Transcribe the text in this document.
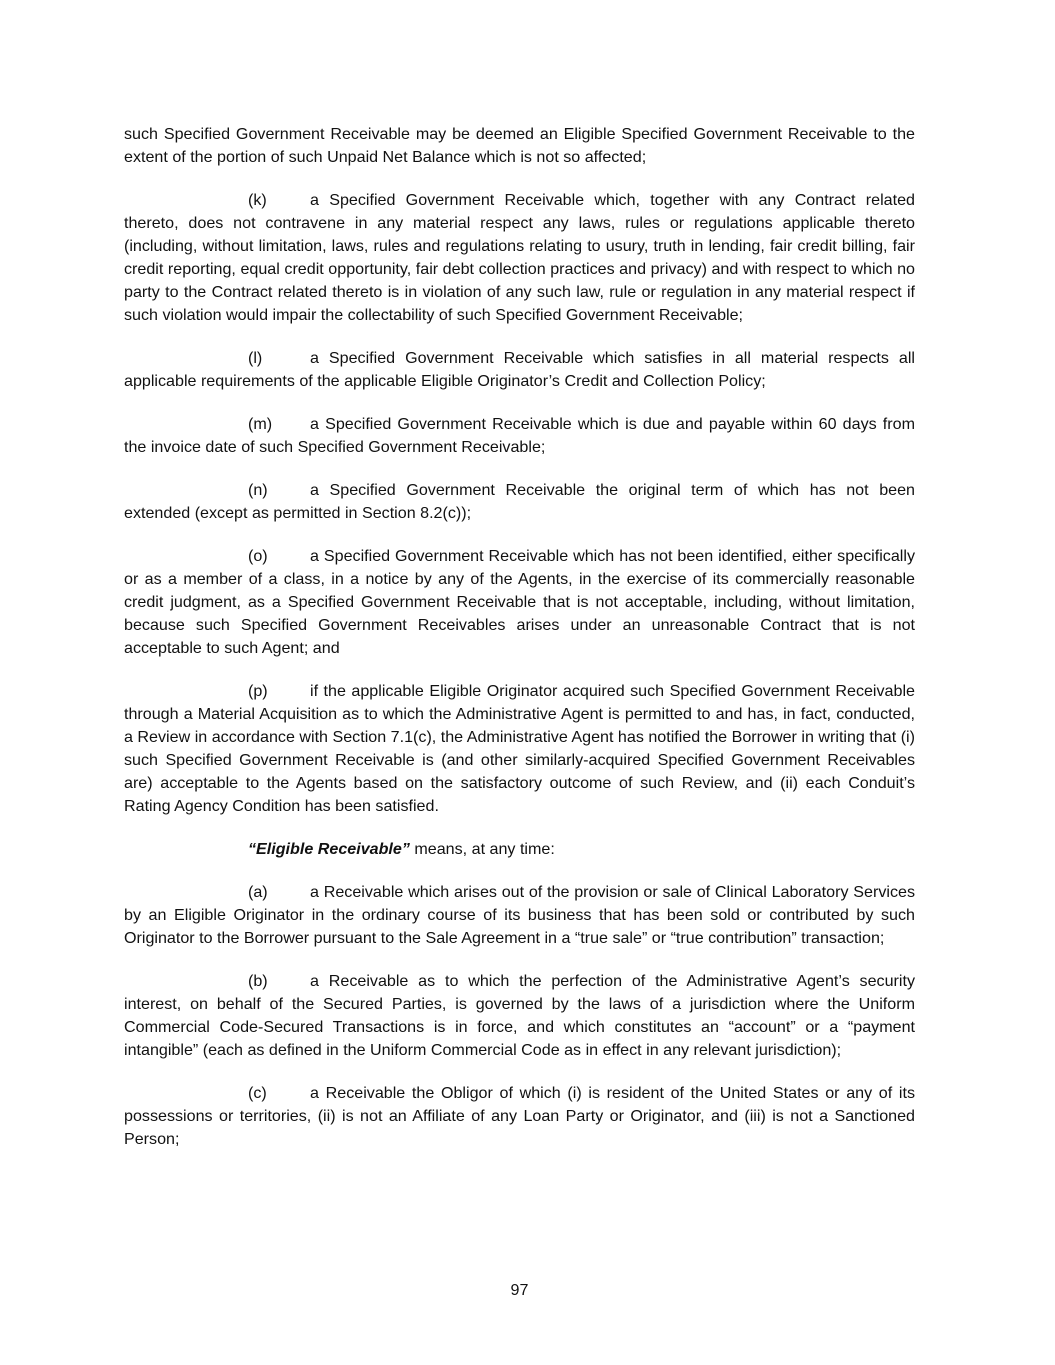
such Specified Government Receivable may be deemed an Eligible Specified Government Receivable to the extent of the portion of such Unpaid Net Balance which is not so affected;

(k)	a Specified Government Receivable which, together with any Contract related thereto, does not contravene in any material respect any laws, rules or regulations applicable thereto (including, without limitation, laws, rules and regulations relating to usury, truth in lending, fair credit billing, fair credit reporting, equal credit opportunity, fair debt collection practices and privacy) and with respect to which no party to the Contract related thereto is in violation of any such law, rule or regulation in any material respect if such violation would impair the collectability of such Specified Government Receivable;

(l)	a Specified Government Receivable which satisfies in all material respects all applicable requirements of the applicable Eligible Originator’s Credit and Collection Policy;

(m) a Specified Government Receivable which is due and payable within 60 days from the invoice date of such Specified Government Receivable;

(n)	a Specified Government Receivable the original term of which has not been extended (except as permitted in Section 8.2(c));

(o)	a Specified Government Receivable which has not been identified, either specifically or as a member of a class, in a notice by any of the Agents, in the exercise of its commercially reasonable credit judgment, as a Specified Government Receivable that is not acceptable, including, without limitation, because such Specified Government Receivables arises under an unreasonable Contract that is not acceptable to such Agent; and

(p)	if the applicable Eligible Originator acquired such Specified Government Receivable through a Material Acquisition as to which the Administrative Agent is permitted to and has, in fact, conducted, a Review in accordance with Section 7.1(c), the Administrative Agent has notified the Borrower in writing that (i) such Specified Government Receivable is (and other similarly-acquired Specified Government Receivables are) acceptable to the Agents based on the satisfactory outcome of such Review, and (ii) each Conduit’s Rating Agency Condition has been satisfied.

“Eligible Receivable” means, at any time:

(a)	a Receivable which arises out of the provision or sale of Clinical Laboratory Services by an Eligible Originator in the ordinary course of its business that has been sold or contributed by such Originator to the Borrower pursuant to the Sale Agreement in a “true sale” or “true contribution” transaction;

(b)	a Receivable as to which the perfection of the Administrative Agent’s security interest, on behalf of the Secured Parties, is governed by the laws of a jurisdiction where the Uniform Commercial Code-Secured Transactions is in force, and which constitutes an “account” or a “payment intangible” (each as defined in the Uniform Commercial Code as in effect in any relevant jurisdiction);

(c)	a Receivable the Obligor of which (i) is resident of the United States or any of its possessions or territories, (ii) is not an Affiliate of any Loan Party or Originator, and (iii) is not a Sanctioned Person;

97
